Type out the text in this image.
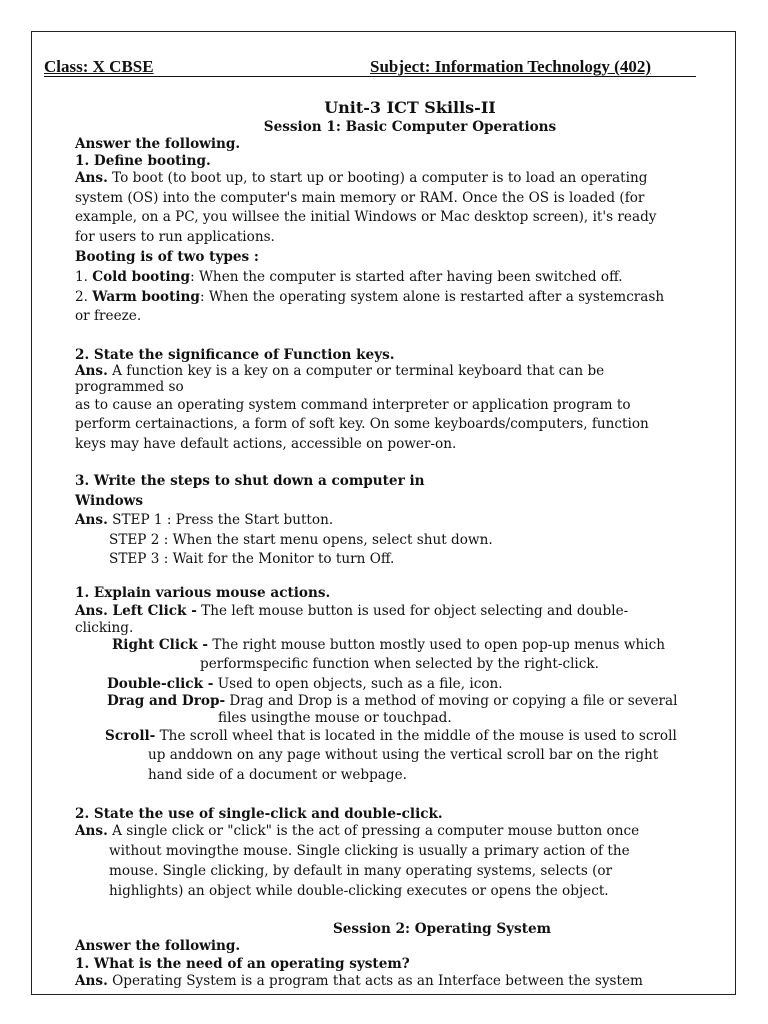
Class: X CBSE	Subject: Information Technology (402)
Unit-3 ICT Skills-II
Session 1: Basic Computer Operations
Answer the following.
1. Define booting.
Ans. To boot (to boot up, to start up or booting) a computer is to load an operating
system (OS) into the computer's main memory or RAM. Once the OS is loaded (for
example, on a PC, you willsee the initial Windows or Mac desktop screen), it's ready
for users to run applications.
Booting is of two types :
1. Cold booting: When the computer is started after having been switched off.
2. Warm booting: When the operating system alone is restarted after a systemcrash
or freeze.
2. State the significance of Function keys.
Ans. A function key is a key on a computer or terminal keyboard that can be
programmed so
as to cause an operating system command interpreter or application program to
perform certainactions, a form of soft key. On some keyboards/computers, function
keys may have default actions, accessible on power-on.
3. Write the steps to shut down a computer in
Windows
Ans. STEP 1 : Press the Start button.
STEP 2 : When the start menu opens, select shut down.
STEP 3 : Wait for the Monitor to turn Off.
1. Explain various mouse actions.
Ans. Left Click - The left mouse button is used for object selecting and double-
clicking.
Right Click - The right mouse button mostly used to open pop-up menus which
performspecific function when selected by the right-click.
Double-click - Used to open objects, such as a file, icon.
Drag and Drop- Drag and Drop is a method of moving or copying a file or several
files usingthe mouse or touchpad.
Scroll- The scroll wheel that is located in the middle of the mouse is used to scroll
up anddown on any page without using the vertical scroll bar on the right
hand side of a document or webpage.
2. State the use of single-click and double-click.
Ans. A single click or "click" is the act of pressing a computer mouse button once
without movingthe mouse. Single clicking is usually a primary action of the
mouse. Single clicking, by default in many operating systems, selects (or
highlights) an object while double-clicking executes or opens the object.
Session 2: Operating System
Answer the following.
1. What is the need of an operating system?
Ans. Operating System is a program that acts as an Interface between the system
